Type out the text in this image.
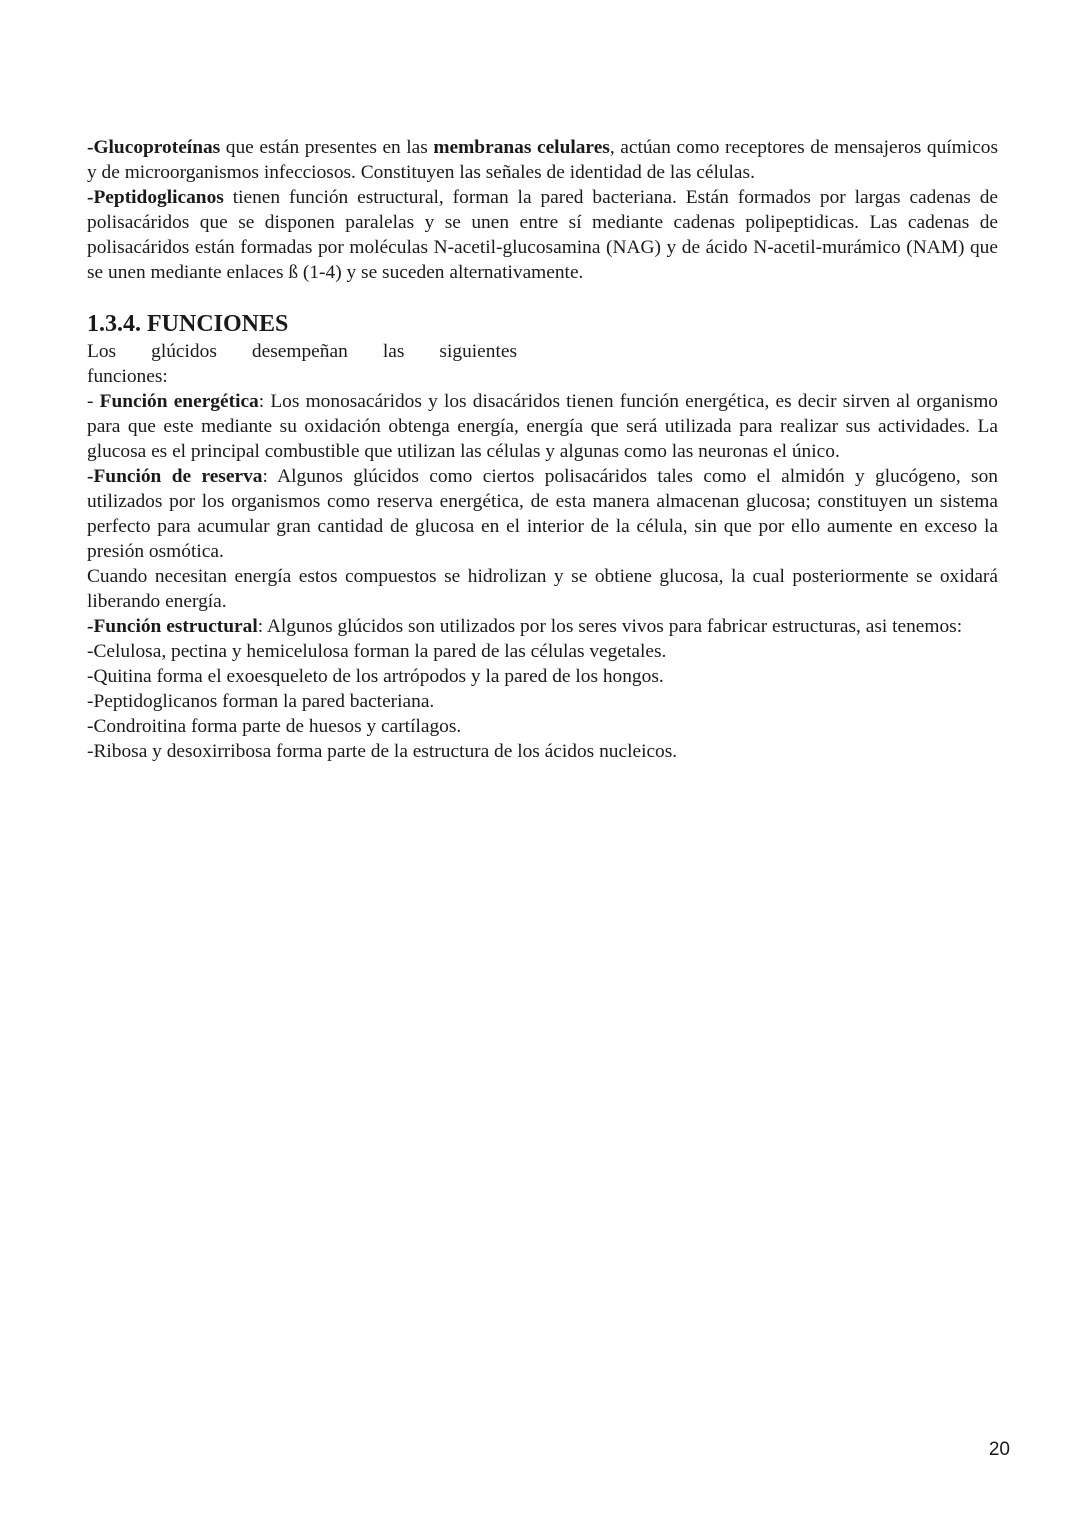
-Glucoproteínas que están presentes en las membranas celulares, actúan como receptores de mensajeros químicos y de microorganismos infecciosos. Constituyen las señales de identidad de las células.

-Peptidoglicanos tienen función estructural, forman la pared bacteriana. Están formados por largas cadenas de polisacáridos que se disponen paralelas y se unen entre sí mediante cadenas polipeptidicas. Las cadenas de polisacáridos están formadas por moléculas N-acetil-glucosamina (NAG) y de ácido N-acetil-murámico (NAM) que se unen mediante enlaces ß (1-4) y se suceden alternativamente.

1.3.4. FUNCIONES

Los glúcidos desempeñan las siguientes

funciones:

- Función energética: Los monosacáridos y los disacáridos tienen función energética, es decir sirven al organismo para que este mediante su oxidación obtenga energía, energía que será utilizada para realizar sus actividades. La glucosa es el principal combustible que utilizan las células y algunas como las neuronas el único.

-Función de reserva: Algunos glúcidos como ciertos polisacáridos tales como el almidón y glucógeno, son utilizados por los organismos como reserva energética, de esta manera almacenan glucosa; constituyen un sistema perfecto para acumular gran cantidad de glucosa en el interior de la célula, sin que por ello aumente en exceso la presión osmótica.

Cuando necesitan energía estos compuestos se hidrolizan y se obtiene glucosa, la cual posteriormente se oxidará liberando energía.

-Función estructural: Algunos glúcidos son utilizados por los seres vivos para fabricar estructuras, asi tenemos:

-Celulosa, pectina y hemicelulosa forman la pared de las células vegetales.

-Quitina forma el exoesqueleto de los artrópodos y la pared de los hongos.

-Peptidoglicanos forman la pared bacteriana.

-Condroitina forma parte de huesos y cartílagos.

-Ribosa y desoxirribosa forma parte de la estructura de los ácidos nucleicos.

20
